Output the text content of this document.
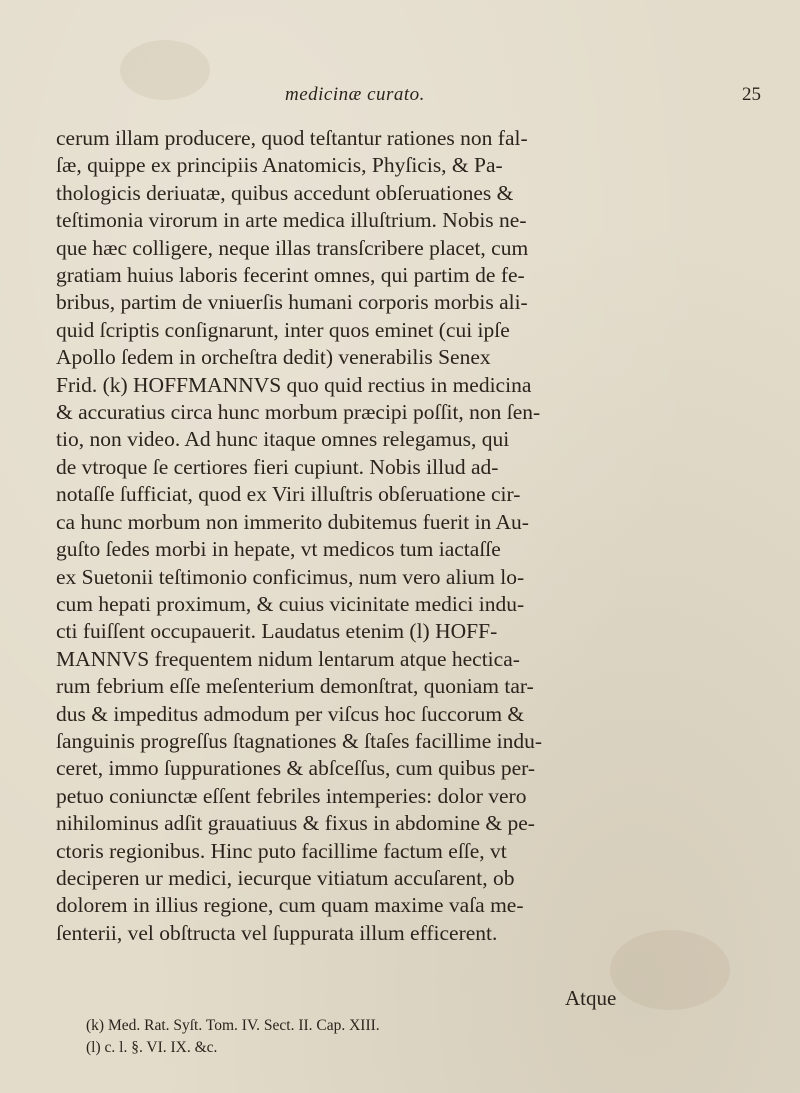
medicinæ curato.	25
cerum illam producere, quod teſtantur rationes non fal-
ſæ, quippe ex principiis Anatomicis, Phyſicis, & Pa-
thologicis deriuatæ, quibus accedunt obſeruationes &
teſtimonia virorum in arte medica illuſtrium. Nobis ne-
que hæc colligere, neque illas transſcribere placet, cum
gratiam huius laboris fecerint omnes, qui partim de fe-
bribus, partim de vniuerſis humani corporis morbis ali-
quid ſcriptis conſignarunt, inter quos eminet (cui ipſe
Apollo ſedem in orcheſtra dedit) venerabilis Senex
Frid. (k) HOFFMANNVS quo quid rectius in medicina
& accuratius circa hunc morbum præcipi poſſit, non ſen-
tio, non video. Ad hunc itaque omnes relegamus, qui
de vtroque ſe certiores fieri cupiunt. Nobis illud ad-
notaſſe ſufficiat, quod ex Viri illuſtris obſeruatione cir-
ca hunc morbum non immerito dubitemus fuerit in Au-
guſto ſedes morbi in hepate, vt medicos tum iactaſſe
ex Suetonii teſtimonio conficimus, num vero alium lo-
cum hepati proximum, & cuius vicinitate medici indu-
cti fuiſſent occupauerit. Laudatus etenim (l) HOFF-
MANNVS frequentem nidum lentarum atque hecticа-
rum febrium eſſe meſenterium demonſtrat, quoniam tar-
dus & impeditus admodum per viſcus hoc ſuccorum &
ſanguinis progreſſus ſtagnationes & ſtaſes facillime indu-
ceret, immo ſuppurationes & abſceſſus, cum quibus per-
petuo coniunctæ eſſent febriles intemperies: dolor vero
nihilominus adſit grauatiuus & fixus in abdomine & pe-
ctoris regionibus. Hinc puto facillime factum eſſe, vt
deciperen ur medici, iecurque vitiatum accuſarent, ob
dolorem in illius regione, cum quam maxime vaſa me-
ſenterii, vel obſtructa vel ſuppurata illum efficerent.
Atque
(k) Med. Rat. Syſt. Tom. IV. Sect. II. Cap. XIII.
(l) c. l. §. VI. IX. &c.
